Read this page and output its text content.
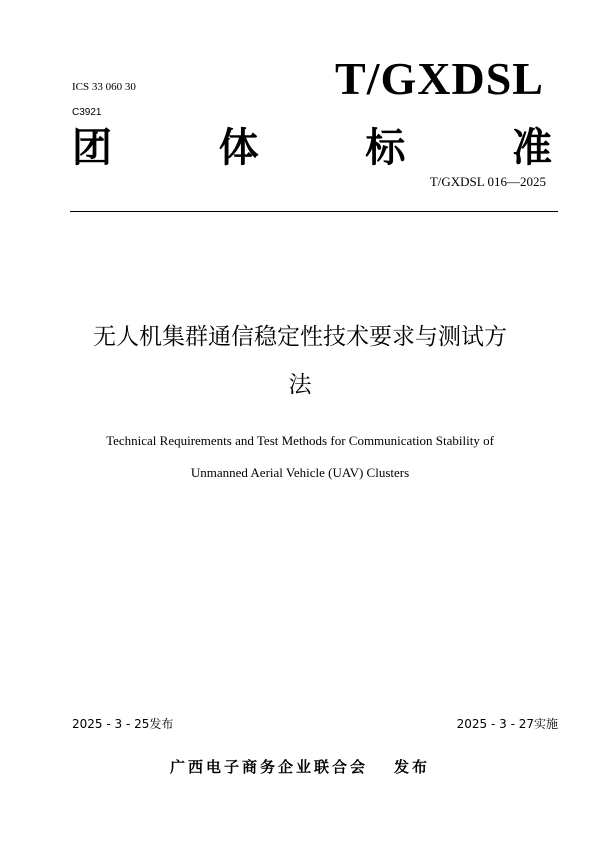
ICS 33 060 30
C3921
T/GXDSL
团	体	标	准
T/GXDSL 016—2025
无人机集群通信稳定性技术要求与测试方
法
Technical Requirements and Test Methods for Communication Stability of
Unmanned Aerial Vehicle (UAV) Clusters
2025 - 3 - 25发布	2025 - 3 - 27实施
广西电子商务企业联合会 发布
